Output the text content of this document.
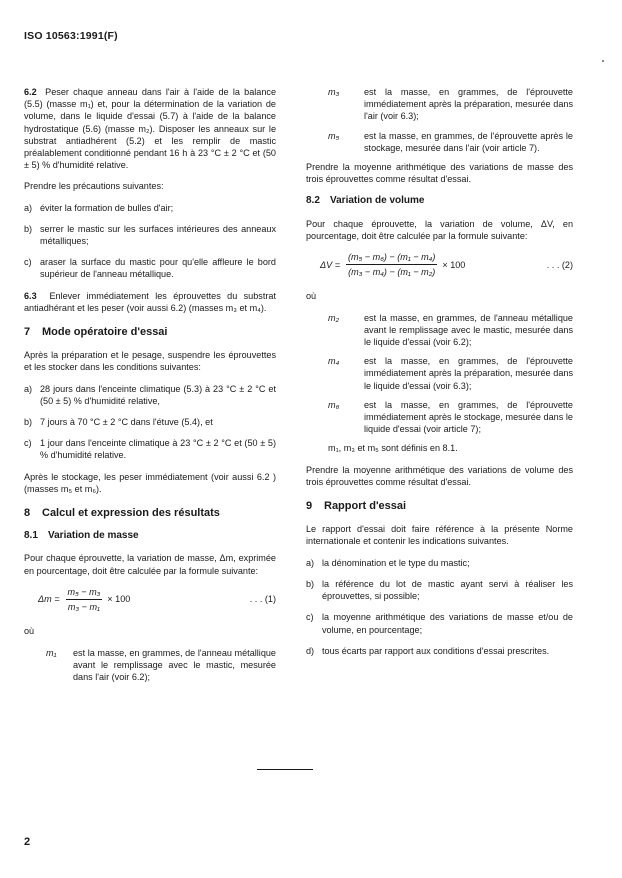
ISO 10563:1991(F)

6.2 Peser chaque anneau dans l'air à l'aide de la balance (5.5) (masse m₁) et, pour la détermination de la variation de volume, dans le liquide d'essai (5.7) à l'aide de la balance hydrostatique (5.6) (masse m₂). Disposer les anneaux sur le substrat antiadhérent (5.2) et les remplir de mastic préalablement conditionné pendant 16 h à 23 °C ± 2 °C et (50 ± 5) % d'humidité relative.

Prendre les précautions suivantes:

a) éviter la formation de bulles d'air;
b) serrer le mastic sur les surfaces intérieures des anneaux métalliques;
c) araser la surface du mastic pour qu'elle affleure le bord supérieur de l'anneau métallique.

6.3 Enlever immédiatement les éprouvettes du substrat antiadhérant et les peser (voir aussi 6.2) (masses m₃ et m₄).

7	Mode opératoire d'essai

Après la préparation et le pesage, suspendre les éprouvettes et les stocker dans les conditions suivantes:

a) 28 jours dans l'enceinte climatique (5.3) à 23 °C ± 2 °C et (50 ± 5) % d'humidité relative,
b) 7 jours à 70 °C ± 2 °C dans l'étuve (5.4), et
c) 1 jour dans l'enceinte climatique à 23 °C ± 2 °C et (50 ± 5) % d'humidité relative.

Après le stockage, les peser immédiatement (voir aussi 6.2 ) (masses m₅ et m₆).

8	Calcul et expression des résultats
8.1	Variation de masse

Pour chaque éprouvette, la variation de masse, Δm, exprimée en pourcentage, doit être calculée par la formule suivante:

$\Delta m = \frac{\text{m₅ − m₃}}{\text{m₃ − m₁}} \times 100$	. . . (1)

où

m₁	est la masse, en grammes, de l'anneau métallique avant le remplissage avec le mastic, mesurée dans l'air (voir 6.2);
m₃	est la masse, en grammes, de l'éprouvette immédiatement après la préparation, mesurée dans l'air (voir 6.3);
m₅	est la masse, en grammes, de l'éprouvette après le stockage, mesurée dans l'air (voir article 7).

Prendre la moyenne arithmétique des variations de masse des trois éprouvettes comme résultat d'essai.

8.2	Variation de volume

Pour chaque éprouvette, la variation de volume, ΔV, en pourcentage, doit être calculée par la formule suivante:

$\Delta V = \frac{\text{(m₅ − m₆) − (m₁ − m₄)}}{\text{(m₃ − m₄) − (m₁ − m₂)}} \times 100$	. . . (2)

où

m₂	est la masse, en grammes, de l'anneau métallique avant le remplissage avec le mastic, mesurée dans le liquide d'essai (voir 6.2);
m₄	est la masse, en grammes, de l'éprouvette immédiatement après la préparation, mesurée dans le liquide d'essai (voir 6.3);
m₆	est la masse, en grammes, de l'éprouvette immédiatement après le stockage, mesurée dans le liquide d'essai (voir article 7);

m₁, m₃ et m₅ sont définis en 8.1.

Prendre la moyenne arithmétique des variations de volume des trois éprouvettes comme résultat d'essai.

9	Rapport d'essai

Le rapport d'essai doit faire référence à la présente Norme internationale et contenir les indications suivantes.

a) la dénomination et le type du mastic;
b) la référence du lot de mastic ayant servi à réaliser les éprouvettes, si possible;
c) la moyenne arithmétique des variations de masse et/ou de volume, en pourcentage;
d) tous écarts par rapport aux conditions d'essai prescrites.
2
